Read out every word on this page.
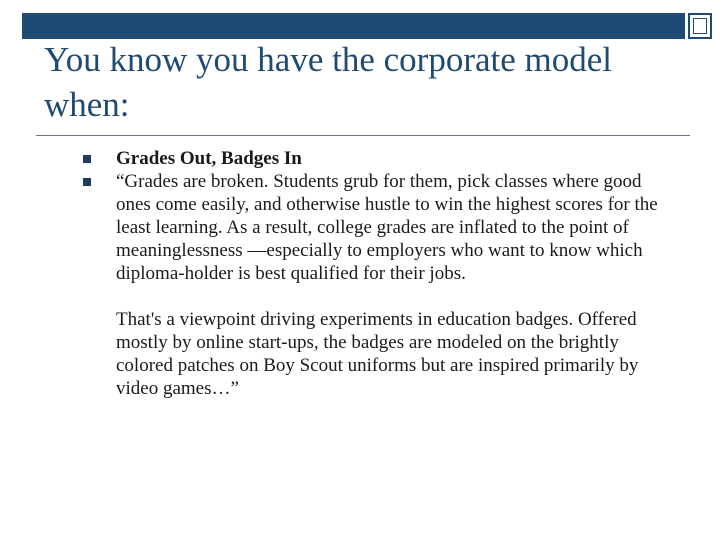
You know you have the corporate model when:
Grades Out, Badges In
“Grades are broken. Students grub for them, pick classes where good ones come easily, and otherwise hustle to win the highest scores for the least learning. As a result, college grades are inflated to the point of meaninglessness —especially to employers who want to know which diploma-holder is best qualified for their jobs.
That's a viewpoint driving experiments in education badges. Offered mostly by online start-ups, the badges are modeled on the brightly colored patches on Boy Scout uniforms but are inspired primarily by video games…”
